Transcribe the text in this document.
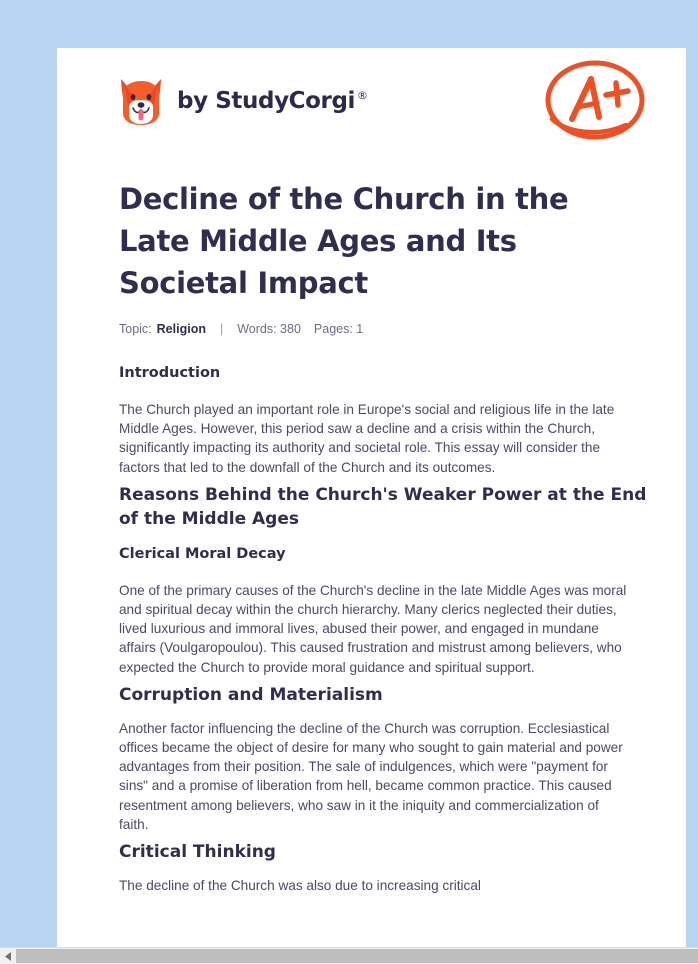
by StudyCorgi ®
Decline of the Church in the Late Middle Ages and Its Societal Impact
Topic: Religion	|	Words: 380 Pages: 1
Introduction

The Church played an important role in Europe's social and religious life in the late Middle Ages. However, this period saw a decline and a crisis within the Church, significantly impacting its authority and societal role. This essay will consider the factors that led to the downfall of the Church and its outcomes.

Reasons Behind the Church's Weaker Power at the End of the Middle Ages
Clerical Moral Decay

One of the primary causes of the Church's decline in the late Middle Ages was moral and spiritual decay within the church hierarchy. Many clerics neglected their duties, lived luxurious and immoral lives, abused their power, and engaged in mundane affairs (Voulgaropoulou). This caused frustration and mistrust among believers, who expected the Church to provide moral guidance and spiritual support.

Corruption and Materialism

Another factor influencing the decline of the Church was corruption. Ecclesiastical offices became the object of desire for many who sought to gain material and power advantages from their position. The sale of indulgences, which were "payment for sins" and a promise of liberation from hell, became common practice. This caused resentment among believers, who saw in it the iniquity and commercialization of faith.

Critical Thinking

The decline of the Church was also due to increasing critical
